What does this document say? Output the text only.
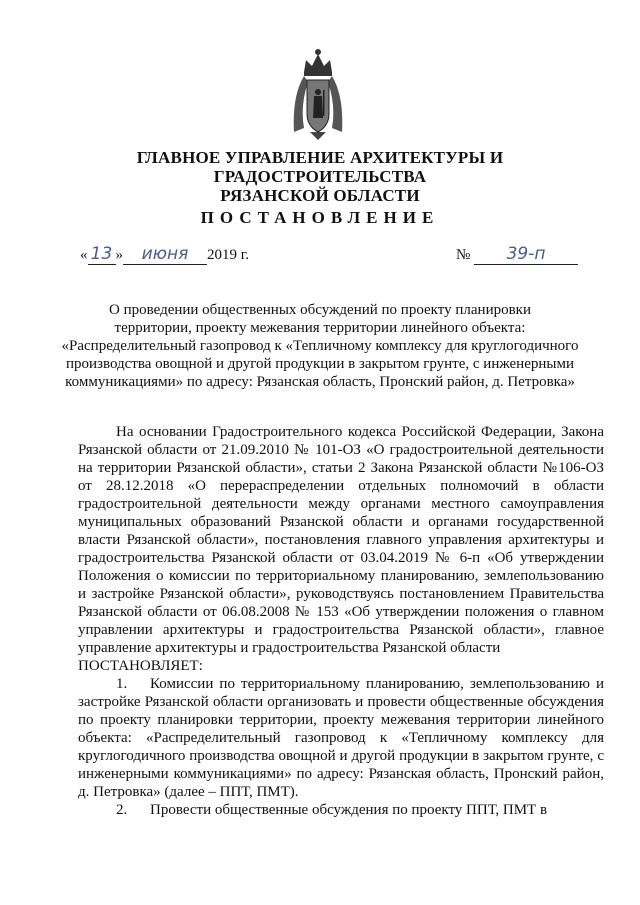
ГЛАВНОЕ УПРАВЛЕНИЕ АРХИТЕКТУРЫ И ГРАДОСТРОИТЕЛЬСТВА
РЯЗАНСКОЙ ОБЛАСТИ
ПОСТАНОВЛЕНИЕ
« 13 » июня 2019 г.	№ 39-п
О проведении общественных обсуждений по проекту планировки
территории, проекту межевания территории линейного объекта:
«Распределительный газопровод к «Тепличному комплексу для круглогодичного
производства овощной и другой продукции в закрытом грунте, с инженерными
коммуникациями» по адресу: Рязанская область, Пронский район, д. Петровка»

На основании Градостроительного кодекса Российской Федерации, Закона Рязанской области от 21.09.2010 № 101-ОЗ «О градостроительной деятельности на территории Рязанской области», статьи 2 Закона Рязанской области №106-ОЗ от 28.12.2018 «О перераспределении отдельных полномочий в области градостроительной деятельности между органами местного самоуправления муниципальных образований Рязанской области и органами государственной власти Рязанской области», постановления главного управления архитектуры и градостроительства Рязанской области от 03.04.2019 № 6-п «Об утверждении Положения о комиссии по территориальному планированию, землепользованию и застройке Рязанской области», руководствуясь постановлением Правительства Рязанской области от 06.08.2008 № 153 «Об утверждении положения о главном управлении архитектуры и градостроительства Рязанской области», главное управление архитектуры и градостроительства Рязанской области

ПОСТАНОВЛЯЕТ:

1. Комиссии по территориальному планированию, землепользованию и застройке Рязанской области организовать и провести общественные обсуждения по проекту планировки территории, проекту межевания территории линейного объекта: «Распределительный газопровод к «Тепличному комплексу для круглогодичного производства овощной и другой продукции в закрытом грунте, с инженерными коммуникациями» по адресу: Рязанская область, Пронский район, д. Петровка» (далее – ППТ, ПМТ).

2. Провести общественные обсуждения по проекту ППТ, ПМТ в
